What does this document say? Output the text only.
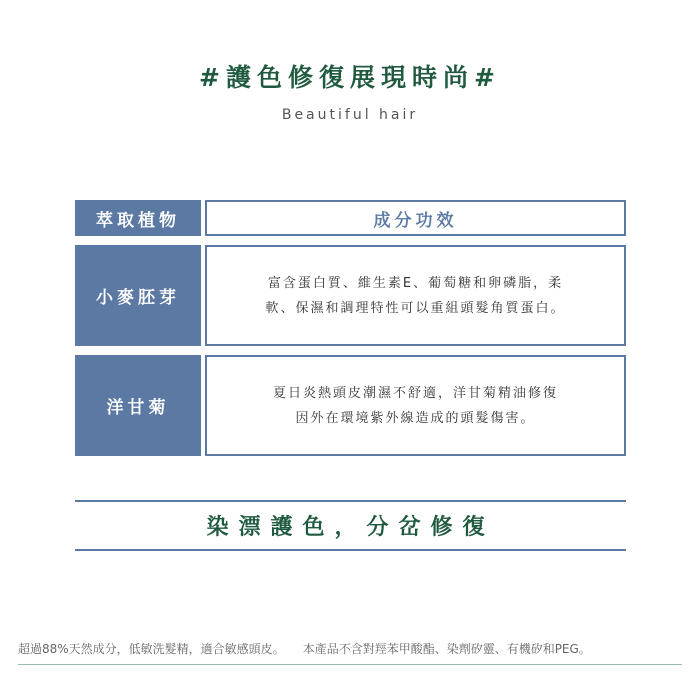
#護色修復展現時尚#
Beautiful hair
萃取植物	成分功效
小麥胚芽
富含蛋白質、維生素E、葡萄糖和卵磷脂，柔
軟、保濕和調理特性可以重組頭髮角質蛋白。
洋甘菊
夏日炎熱頭皮潮濕不舒適，洋甘菊精油修復
因外在環境紫外線造成的頭髮傷害。
染漂護色，分岔修復
超過88%天然成分，低敏洗髮精，適合敏感頭皮。 本產品不含對羥苯甲酸酯、染劑矽靈、有機矽和PEG。
